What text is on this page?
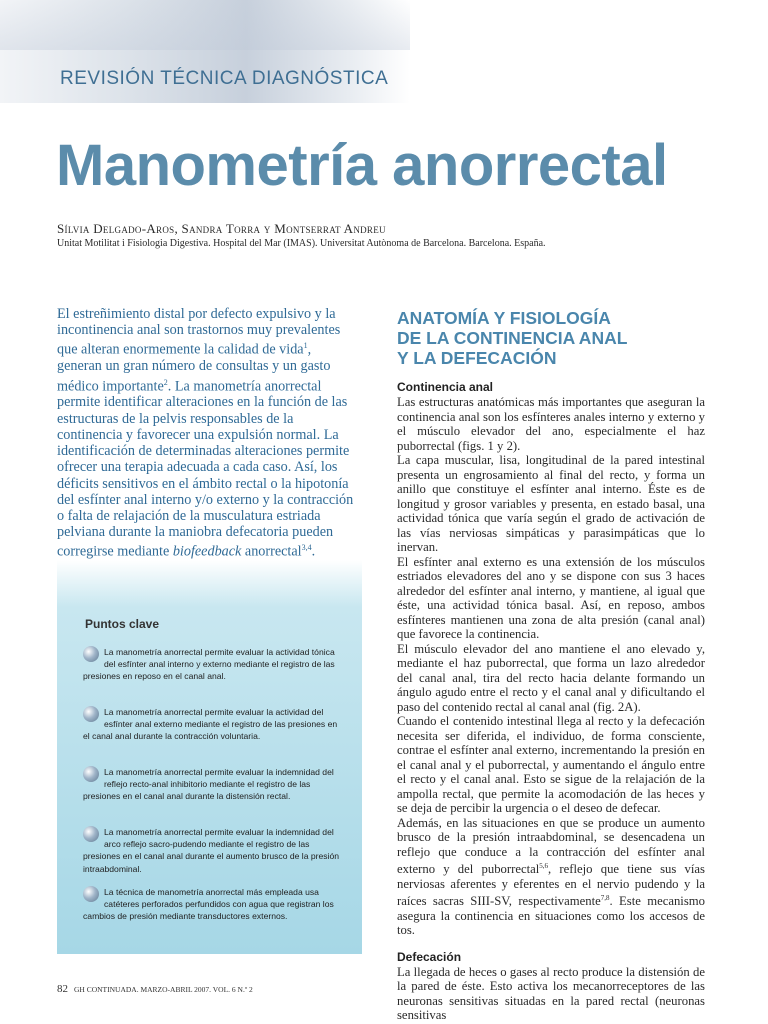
REVISIÓN TÉCNICA DIAGNÓSTICA
Manometría anorrectal
Sílvia Delgado-Aros, Sandra Torra y Montserrat Andreu
Unitat Motilitat i Fisiologia Digestiva. Hospital del Mar (IMAS). Universitat Autònoma de Barcelona. Barcelona. España.

El estreñimiento distal por defecto expulsivo y la incontinencia anal son trastornos muy prevalentes que alteran enormemente la calidad de vida$^1$, generan un gran número de consultas y un gasto médico importante$^2$. La manometría anorrectal permite identificar alteraciones en la función de las estructuras de la pelvis responsables de la continencia y favorecer una expulsión normal. La identificación de determinadas alteraciones permite ofrecer una terapia adecuada a cada caso. Así, los déficits sensitivos en el ámbito rectal o la hipotonía del esfínter anal interno y/o externo y la contracción o falta de relajación de la musculatura estriada pelviana durante la maniobra defecatoria pueden corregirse mediante biofeedback anorrectal$^{3,4}$.

Puntos clave
La manometría anorrectal permite evaluar la actividad tónica del esfínter anal interno y externo mediante el registro de las presiones en reposo en el canal anal.
La manometría anorrectal permite evaluar la actividad del esfínter anal externo mediante el registro de las presiones en el canal anal durante la contracción voluntaria.
La manometría anorrectal permite evaluar la indemnidad del reflejo recto-anal inhibitorio mediante el registro de las presiones en el canal anal durante la distensión rectal.
La manometría anorrectal permite evaluar la indemnidad del arco reflejo sacro-pudendo mediante el registro de las presiones en el canal anal durante el aumento brusco de la presión intraabdominal.
La técnica de manometría anorrectal más empleada usa catéteres perforados perfundidos con agua que registran los cambios de presión mediante transductores externos.
ANATOMÍA Y FISIOLOGÍA
DE LA CONTINENCIA ANAL
Y LA DEFECACIÓN
Continencia anal

Las estructuras anatómicas más importantes que aseguran la continencia anal son los esfínteres anales interno y externo y el músculo elevador del ano, especialmente el haz puborrectal (figs. 1 y 2).

La capa muscular, lisa, longitudinal de la pared intestinal presenta un engrosamiento al final del recto, y forma un anillo que constituye el esfínter anal interno. Éste es de longitud y grosor variables y presenta, en estado basal, una actividad tónica que varía según el grado de activación de las vías nerviosas simpáticas y parasimpáticas que lo inervan.

El esfínter anal externo es una extensión de los músculos estriados elevadores del ano y se dispone con sus 3 haces alrededor del esfínter anal interno, y mantiene, al igual que éste, una actividad tónica basal. Así, en reposo, ambos esfínteres mantienen una zona de alta presión (canal anal) que favorece la continencia.

El músculo elevador del ano mantiene el ano elevado y, mediante el haz puborrectal, que forma un lazo alrededor del canal anal, tira del recto hacia delante formando un ángulo agudo entre el recto y el canal anal y dificultando el paso del contenido rectal al canal anal (fig. 2A).

Cuando el contenido intestinal llega al recto y la defecación necesita ser diferida, el individuo, de forma consciente, contrae el esfínter anal externo, incrementando la presión en el canal anal y el puborrectal, y aumentando el ángulo entre el recto y el canal anal. Esto se sigue de la relajación de la ampolla rectal, que permite la acomodación de las heces y se deja de percibir la urgencia o el deseo de defecar.

Además, en las situaciones en que se produce un aumento brusco de la presión intraabdominal, se desencadena un reflejo que conduce a la contracción del esfínter anal externo y del puborrectal$^{5,6}$, reflejo que tiene sus vías nerviosas aferentes y eferentes en el nervio pudendo y la raíces sacras SIII-SV, respectivamente$^{7,8}$. Este mecanismo asegura la continencia en situaciones como los accesos de tos.

Defecación

La llegada de heces o gases al recto produce la distensión de la pared de éste. Esto activa los mecanorreceptores de las neuronas sensitivas situadas en la pared rectal (neuronas sensitivas

82 GH CONTINUADA. MARZO-ABRIL 2007. VOL. 6 N.º 2
